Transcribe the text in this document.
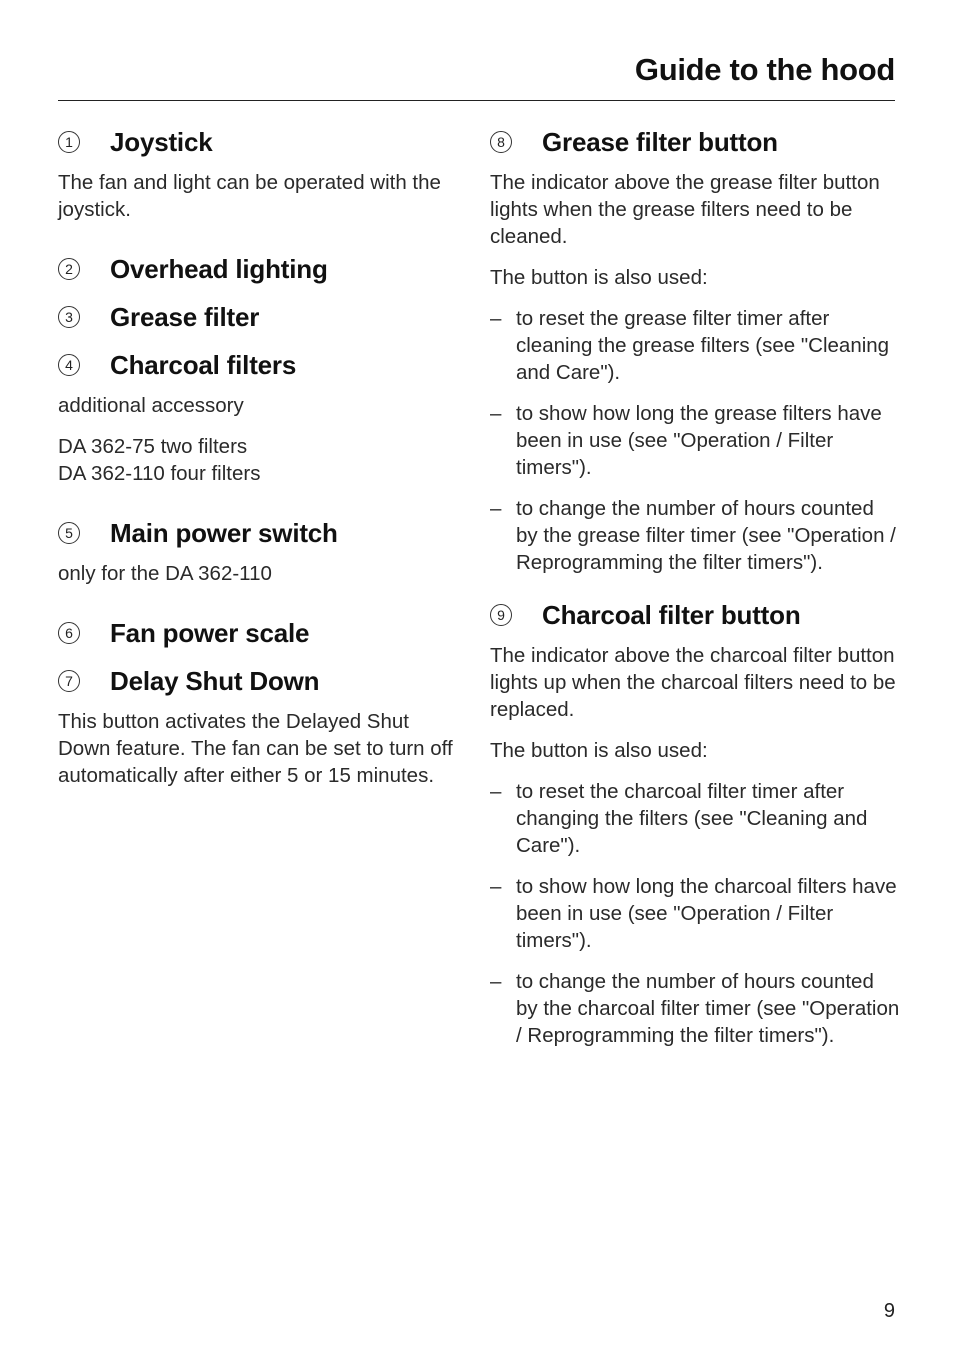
Guide to the hood
1 Joystick

The fan and light can be operated with the joystick.

2 Overhead lighting
3 Grease filter
4 Charcoal filters

additional accessory

DA 362-75 two filters
DA 362-110 four filters

5 Main power switch

only for the DA 362-110

6 Fan power scale
7 Delay Shut Down

This button activates the Delayed Shut Down feature. The fan can be set to turn off automatically after either 5 or 15 minutes.

8 Grease filter button

The indicator above the grease filter button lights when the grease filters need to be cleaned.

The button is also used:

– to reset the grease filter timer after cleaning the grease filters (see "Cleaning and Care").
– to show how long the grease filters have been in use (see "Operation / Filter timers").
– to change the number of hours counted by the grease filter timer (see "Operation / Reprogramming the filter timers").
9 Charcoal filter button

The indicator above the charcoal filter button lights up when the charcoal filters need to be replaced.

The button is also used:

– to reset the charcoal filter timer after changing the filters (see "Cleaning and Care").
– to show how long the charcoal filters have been in use (see "Operation / Filter timers").
– to change the number of hours counted by the charcoal filter timer (see "Operation / Reprogramming the filter timers").
9
